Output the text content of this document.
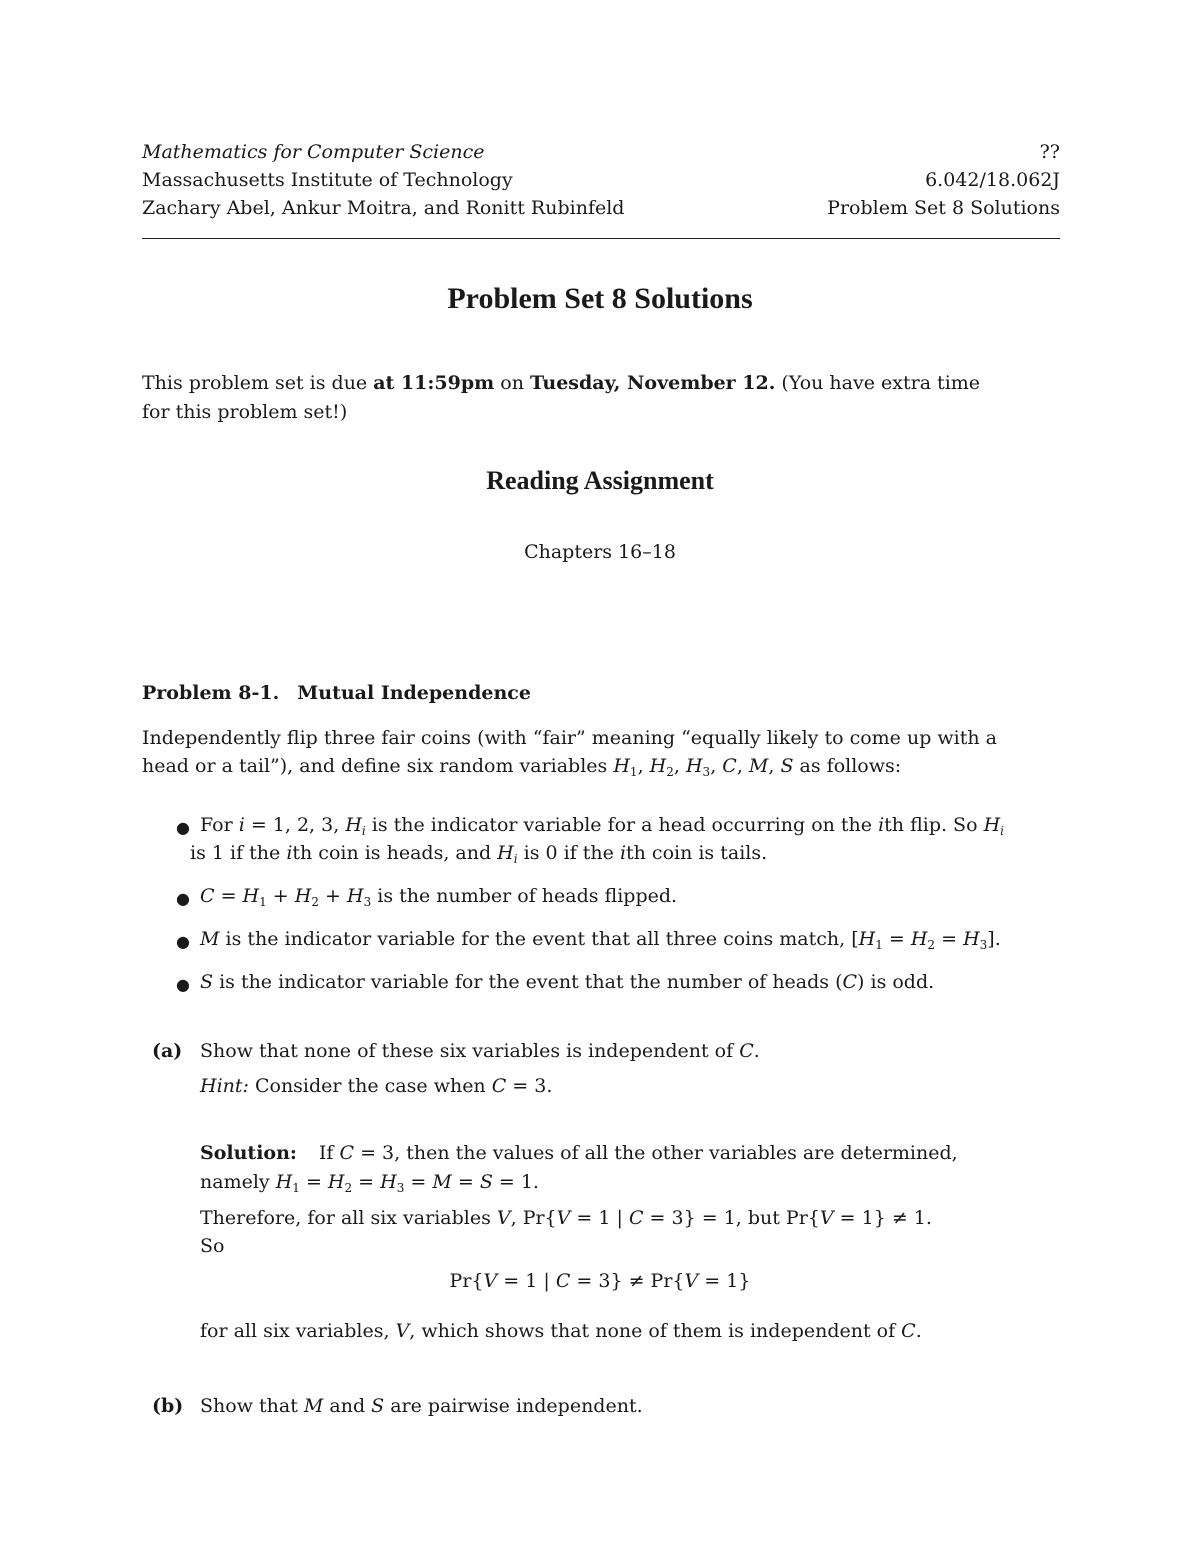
Mathematics for Computer Science
Massachusetts Institute of Technology
Zachary Abel, Ankur Moitra, and Ronitt Rubinfeld
??
6.042/18.062J
Problem Set 8 Solutions
Problem Set 8 Solutions
This problem set is due at 11:59pm on Tuesday, November 12. (You have extra time
for this problem set!)
Reading Assignment
Chapters 16–18
Problem 8-1. Mutual Independence
Independently flip three fair coins (with “fair” meaning “equally likely to come up with a
head or a tail”), and define six random variables $H_1$, $H_2$, $H_3$, C, M, S as follows:
● For i = 1, 2, 3, $H_i$ is the indicator variable for a head occurring on the ith flip. So $H_i$
is 1 if the ith coin is heads, and $H_i$ is 0 if the ith coin is tails.
● $C = H_1 + H_2 + H_3$ is the number of heads flipped.
● M is the indicator variable for the event that all three coins match, $[H_1 = H_2 = H_3]$.
● S is the indicator variable for the event that the number of heads (C) is odd.
(a) Show that none of these six variables is independent of C.
Hint: Consider the case when C = 3.
Solution: If C = 3, then the values of all the other variables are determined,
namely $H_1 = H_2 = H_3 = M = S = 1$.
Therefore, for all six variables V, Pr{V = 1 | C = 3} = 1, but Pr{V = 1} ≠ 1.
So
Pr{V = 1 | C = 3} ≠ Pr{V = 1}
for all six variables, V, which shows that none of them is independent of C.
(b) Show that M and S are pairwise independent.
